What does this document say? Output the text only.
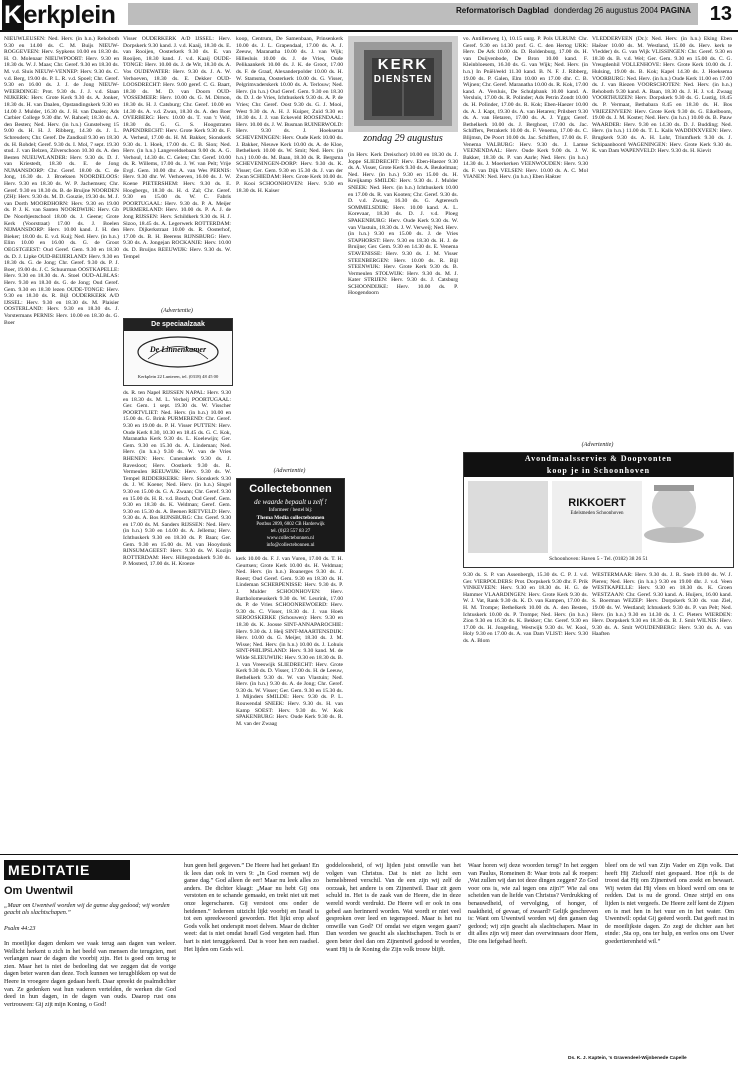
Kerkplein	Reformatorisch Dagblad donderdag 26 augustus 2004 PAGINA 13

NIEUWLEUSEN: Ned. Herv. (in h.n.) Rehoboth 9.30 en 14.00 ds. C. M. Buijs NIEUW-ROGGEVEEN: Herv. Sypkens 10.00 en 18.30 ds. H. O. Molenaar NIEUWPOORT: Herv. 9.30 en 18.30 ds. W. J. Maas; Chr. Geref. 9.30 en 18.30 ds. M. v.d. Sluis NIEUW-VENNEP: Herv. 9.30 ds. C. v.d. Berg, 19.00 ds. P. L. R. v.d. Spoel; Chr. Geref. 9.30 en 16.00 ds. J. J. de Jong NIEUW-WEERDINGE: Prot. 9.30 ds. J. J. v.d. Slaan NIJKERK: Herv. Grote Kerk 9.30 ds. A. Jonker, 18.30 ds. H. van Daalen, Opstandingskerk 9.30 en 14.00 J. Mulder, 16.30 ds. J. H. van Daalen; Ads Carbier College 9.30 dhr. W. Rahoel; 18.30 ds. A. den Besten; Ned. Herv. (in h.n.) Gunstelweg 15 9.00 ds. H. H. J. Ribberg, 14.30 ds. J. L. Schreuders; Chr. Geref. De Zandkuil 9.30 en 18.30 ds. H. Rohdel; Geref. 9.30 ds. I. Mol, 7 sept. 19.30 stud. J. van Belzen, Zilverschoon 10.30 ds. A. den Besten NUEUWLANDER: Herv. 9.30 ds. D. J. van Kriestedt, 18.30 ds. E. de Jong NUMANSDORP: Chr. Geref. 18.00 ds. C. de Jong, 16.30 ds. J. Broeksen NOORDELOOS: Herv. 9.30 en 18.30 ds. W. P. Jachemsen; Chr. Geref. 9.30 en 18.30 ds. B. de Bruijne NOORDEN (ZH): Herv. 9.30 ds. M. D. Gouzie, 19.30 ds. M. J. van Dorth MOORDHORN: Herv. 9.30 en 19.00 ds. P. J. K. van Santen NOORDWIJK: Herv. Gb De Noorbjestschool 18.00 ds. J. Geene; Grote Kerk (Voorstraat) 17.00 ds. J. Boelen NIJMANSDORP: Herv. 10.00 kand. J. H. den Bieker; 18.00 ds. E. v.d. Kuij; Ned. Herv. (in h.n.) Elim 10.00 en 16.00 ds. G. de Groot OEGSTGEEST: Oud Geref. Gem. 9.30 en 18.30 ds. D. J. Lipke OUD-BEIJERLAND: Herv. 9.30 en 18.30 ds. G. de Jong; Chr. Geref. 9.30 ds. P. J. Boer, 19.00 ds. J. C. Schuurman OOSTKAPELLE: Herv. 9.30 en 18.30 ds. A. Stoel OUD-ALBLAS: Herv. 9.30 en 18.30 ds. G. de Jong; Oud Geref. Gem. 9.30 en 18.30 lezen OUDE-TONGE: Herv. 9.30 en 18.30 ds. R. Bijl OUDERKERK A/D IJSSEL: Herv. 9.30 en 18.30 ds. M. Plaisier OOSTERLAND: Herv. 9.30 en 18.30 ds. J. Vorstermans PERNIS: Herv. 10.00 en 18.30 ds. G. Boer

Visser OUDERKERK A/D IJSSEL: Herv. Dorpskerk 9.30 kand. J. v.d. Kaaij, 18.30 ds. E. van Rooijen, Oosterkerk 9.30 ds. E. van Rooijen, 18.30 kand. J. v.d. Kaaij OUDE-TONGE: Herv. 10.00 ds. J. de Wit, 18.30 ds. A. Vos OUDEWATER: Herv. 9.30 ds. J. A. W. Verhoeven, 18.30 ds. E. Dekker OUD-LOOSDRECHT: Herv. 9.00 geref. C. G. Baart, 18.30 ds. M. D. van Doorn OUD-VOSSEMEER: Herv. 10.00 ds. G. M. Dirnon, 18.30 ds. H. J. Catsburg; Chr. Geref. 10.00 en 14.30 ds. A. v.d. Zwan, 18.30 ds. A. den Boer OVERBERG: Herv. 10.00 ds. T. van 't Veld, 18.30 ds. G. G. S. Hoogstraten PAPENDRECHT: Herv. Grote Kerk 9.30 ds. F. A. Verheul, 17.00 ds. H. M. Bakker, Sionskerk 9.30 ds. I. Hoek, 17.00 ds. C. B. Sion; Ned. Herv. (in h.n.) Langeveldsebaan 9.00 ds. A. G. Verhoul, 14.30 ds. C. Gelen; Chr. Geref. 10.00 ds. R. Willems, 17.00 ds. J. W. van Pelt; Vrije Evgl. Gem. 10.00 dhr. A. van Wes PERNIS: Herv. 9.30 dhr. W. Verhoeven, 16.00 ds. J. W. Koene PIETERSHEM: Herv. 9.30 ds. E. Hoogbergs, 18.30 ds. H. d. Zal; Chr. Geref. 9.30 en 15.00 ds. W. C. Fabris POORTUGAAL: Herv. 9.30 ds. P. A. Meijer PURMERLAND: Herv. 10.00 ds. P. A. J. de Jong RIJSSEN: Herv. Schildkerk 9.30 ds. H. J. Sizoo, 18.45 ds. A. Legerwerk ROTTERDAM: Herv. Dijkerkstraat 10.00 ds. R. Oosterhof, 17.00 ds. B. H. Beerens RIJNSBURG: Herv. 9.30 ds. A. Jongejan ROCKANJE: Herv. 10.00 ds. D. Bruijns REEUWIJK: Herv. 9.30 ds. W. Tempel

(Advertentie)
De speciaalzaak
De Linnenkamer
Kerkplein 22 Lunteren, tel. (0318) 48 45 00

ds. R. ten Napel RIJSSEN NAPAL: Herv. 9.30 en 18.30 ds. M. L. Verheij POORTUGAAL: Ger. Gem. 1 sept. 19.30 ds. W. Visscher POORTVLIET: Ned. Herv. (in h.n.) 10.00 en 15.00 ds. G. Brink PURMEREND: Chr. Geref. 9.30 en 19.00 ds. P. H. Visser PUTTEN: Herv. Oude Kerk 8.30, 10.30 en 18.45 ds. G. C. Kok, Maranatha Kerk 9.30 ds. L. Koelewijn; Ger. Gem. 9.30 en 15.30 ds. A. Lindeman; Ned. Herv. (in h.n.) 9.30 ds. W. van de Vries RHENEN: Herv. Cunerakerk 9.30 ds. J. Ravesloot; Herv. Oostkerk 9.30 ds. R. Vermeulen REEUWIJK: Herv. 9.30 ds. W. Tempel RIDDERKERK: Herv. Sionskerk 9.30 ds. J. W. Koene; Ned. Herv. (in h.n.) Singel 9.30 en 15.00 ds. G. A. Zwaan; Chr. Geref. 9.30 en 15.00 ds. H. R. v.d. Bosch, Oud Geref. Gem. 9.30 en 18.30 ds. K. Veldman; Geref. Gem. 9.30 en 15.30 ds. A. Beenen RIETVELD: Herv. 9.30 ds. A. Bos RIJNSBURG: Chr. Geref. 9.30 en 17.00 ds. M. Sanders RIJSSEN: Ned. Herv. (in h.n.) 9.30 en 14.00 ds. A. Jellema; Herv. Ichthuskerk 9.30 en 18.30 ds. P. Baan; Ger. Gem. 9.30 en 15.00 ds. M. van Hooydonk RINSUMAGEEST: Herv. 9.30 ds. W. Kozijn ROTTERDAM: Herv. Hillegondakerk 9.30 ds. P. Mosterd, 17.00 ds. H. Kroeze

koop, Centrum, De Samenbaan, Prinsenkerk 10.00 ds. J. L. Grapendaal, 17.00 ds. A. J. Zeeuw, Maranatha 10.00 ds. J. van Wijk; Hillesluis 10.00 ds. J. de Vries, Oude Pelikaankerk 10.00 ds. J. K. de Groot, 17.00 ds. F. de Graaf, Alexanderpolder 10.00 ds. H. W. Stamsma, Oosterkerk 10.00 ds. G. Visser, Pelgrimvaderskerk 10.00 ds. A. Terlouw; Ned. Herv. (in h.n.) Oud Geref. Gem. 9.30 en 18.30 ds. D. J. de Vries, Ichthuskerk 9.30 ds. A. P. de Vries; Chr. Geref. Oost 9.30 ds. G. J. Mooi, West 9.30 ds. A. H. J. Kuiper, Zuid 9.30 en 18.30 ds. J. J. van Eckeveld ROOSENDAAL: Herv. 10.00 ds. J. W. Busman RUINERWOLD: Herv. 9.30 ds. J. Hoeksema SCHEVENINGEN: Herv. Oude Kerk 10.00 ds. J. Bakker, Nieuwe Kerk 10.00 ds. A. de Kloe, Bethelkerk 10.00 ds. W. Smit; Ned. Herv. (in h.n.) 10.00 ds. M. Baan, 18.30 ds. R. Bergsma SCHEVENINGEN-DORP: Herv. 9.30 ds. K. Visser; Ger. Gem. 9.30 en 15.30 ds. J. van der Zwan SCHIEDAM: Herv. Grote Kerk 10.00 ds. P. Kooi SCHOONHOVEN: Herv. 9.30 en 18.30 ds. H. Kaiser

(Advertentie)
Collectebonnen
de waarde bepaalt u zelf !
Informeer / bestel bij:
Thema Media collectebonnen
Postbus 2899, 6802 CB Harderwijk
tel. (0)23 557 83 27
www.collectebonnen.nl
info@collectebonnen.nl

kerk 10.00 ds. F. J. van Vuren, 17.00 ds. T. H. Geurtsen; Grote Kerk 10.00 ds. H. Veldman; Ned. Herv. (in h.n.) Boanerges 9.30 ds. J. Roest; Oud Geref. Gem. 9.30 en 18.30 ds. H. Lindeman SCHERPENISSE: Herv. 9.30 ds. P. J. Mulder SCHOONHOVEN: Herv. Bartholomeuskerk 9.30 ds. W. Leurink, 17.00 ds. P. de Vries SCHOONREWOERD: Herv. 9.30 ds. C. Visser, 18.30 ds. J. van Hoek SEROOSKERKE (Schouwen): Herv. 9.30 en 18.30 ds. K. Joosse SINT-ANNAPAROCHIE: Herv. 9.30 ds. J. Heij SINT-MAARTENSDIJK: Herv. 10.00 ds. G. Meijer, 18.30 ds. J. M. Wisse; Ned. Herv. (in h.n.) 10.00 ds. J. Lohuis SINT-PHILIPSLAND: Herv. 9.30 kand. M. de Wilde SLEEUWIJK: Herv. 9.30 en 18.30 ds. B. J. van Vreeswijk SLIEDRECHT: Herv. Grote Kerk 9.30 ds. D. Visser, 17.00 ds. H. de Leeuw, Bethelkerk 9.30 ds. W. van Vlastuin; Ned. Herv. (in h.n.) 9.30 ds. A. de Jong; Chr. Geref. 9.30 ds. W. Visser; Ger. Gem. 9.30 en 15.30 ds. J. Mijnders SMILDE: Herv. 9.30 ds. P. L. Rouwendal SNEEK: Herv. 9.30 ds. H. van Kamp SOEST: Herv. 9.30 ds. W. Kok SPAKENBURG: Herv. Oude Kerk 9.30 ds. R. M. van der Zwaag

KERK
DIENSTEN
zondag 29 augustus

(in Herv. Kerk Dreischor) 10.00 en 18.30 ds. J. Joppe SLIEDRECHT: Herv. Eben-Haezer 9.30 ds. A. Visser, Grote Kerk 9.30 ds. A. Beukelman; Ned. Herv. (in h.n.) 9.30 en 15.00 ds. H. Kreijkamp SMILDE: Herv. 9.30 ds. J. Mulder SNEEK: Ned. Herv. (in h.n.) Ichthuskerk 10.00 en 17.00 ds. R. van Kooten; Chr. Geref. 9.30 ds. D. v.d. Zwaag, 16.30 ds. G. Agteresch SOMMELSDIJK: Herv. 10.00 kand. A. L. Korevaar, 18.30 ds. D. J. v.d. Ploeg SPAKENBURG: Herv. Oude Kerk 9.30 ds. W. van Vlastuin, 18.30 ds. J. W. Verweij; Ned. Herv. (in h.n.) 9.30 en 15.00 ds. J. de Vries STAPHORST: Herv. 9.30 en 18.30 ds. H. J. de Bruijne; Ger. Gem. 9.30 en 14.30 ds. E. Venema STAVENISSE: Herv. 9.30 ds. J. M. Visser STEENBERGEN: Herv. 10.00 ds. R. Bijl STEENWIJK: Herv. Grote Kerk 9.30 ds. B. Vermeulen STOLWIJK: Herv. 9.30 ds. M. J. Kater STRIJEN: Herv. 9.30 ds. J. Catsburg SCHOONDIJKE: Herv. 10.00 ds. P. Hoogendoorn

vo. Antillenweg 1), 10.15 uurg. P. Pols ULRUM: Chr. Geref. 9.30 en 14.30 prof. G. C. den Hertog URK: Herv. De Ark 10.00 ds. D. Roldenburg, 17.00 ds. H. van Duijvenbode, De Bron 10.00 kand. F. Kleinbloesem, 16.30 ds. G. van Wijk; Ned. Herv. (in h.n.) In Pniël/eeld 11.30 kand. B. N. F. J. Ribberg, 19.00 ds. P. Galen, Elm 10.00 en 17.00 dhr. C. B. Wijnen; Chr. Geref. Maranatha 10.00 ds. R. Kok, 17.00 kand. A. Versluis, De Schulpbank 10.00 kand. A. Versluis, 17.00 ds. R. Polinder; Ads Petrin Zondt 10.00 ds. H. Polinder, 17.00 ds. R. Kok; Eben-Haezer 10.00 ds. A. J. Kapt, 19.30 ds. A. van Hetaren; Prilsbert 9.30 ds. A. van Hetaren, 17.00 ds. A. J. Ygga; Geref. Bethelkerk 10.00 ds. J. Berghout, 17.00 ds. Jac. Schiffers, Petrakerk 10.00 ds. F. Venema, 17.00 ds. C. Blijmsn, De Poort 10.00 ds. Jac. Schiffers, 17.00 ds. F. Venema VALBURG: Herv. 9.30 ds. J. Lamse VEENENDAAL: Herv. Oude Kerk 9.00 ds. J. W. Bakker, 18.30 ds. P. van Aarle; Ned. Herv. (in h.n.) 14.30 ds. J. Moerkerken VEENWOUDEN: Herv. 9.30 ds. F. van Dijk VELSEN: Herv. 10.00 ds. A. C. Mol VIANEN: Ned. Herv. (in h.n.) Eben Haëzer

VLEDDERVEEN (Dr.): Ned. Herv. (in h.n.) Eking Eben Haëzer 10.00 ds. M. Westland, 15.00 ds. Herv. kerk te Vledder) ds. G. van Wijk VLISSINGEN: Chr. Geref. 9.30 en 18.30 ds. B. v.d. Wel; Ger. Gem. 9.30 en 15.00 ds. C. G. Vreugdenhil VOLLENHOVE: Herv. Grote Kerk 10.00 ds. J. Hulsing, 19.00 ds. B. Kok; Kapel 14.30 ds. J. Hoeksema VOORBURG: Ned. Herv. (in h.n.) Oude Kerk 11.00 en 17.00 ds. J. van Riezen VOORSCHOTEN: Ned. Herv. (in h.n.) Rehoboth 9.30 kand. A. Baan, 18.30 ds. J. H. J. v.d. Zwaag VOORTHUIZEN: Herv. Dorpskerk 9.30 ds. G. Lustig, 18.45 ds. P. Vermaat, Bethabara 8.45 en 18.30 ds. H. Bos VRIEZENVEEN: Herv. Grote Kerk 9.30 ds. G. Eikelboom, 19.00 ds. J. M. Koster; Ned. Herv. (in h.n.) 10.00 ds. B. Pauw WAARDER: Herv. 9.30 en 14.30 ds. D. J. Budding; Ned. Herv. (in h.n.) 11.00 ds. T. L. Kalis WADDINXVEEN: Herv. Brugkerk 9.30 ds. A. H. Lohr, Triumfkerk 9.30 ds. J. Schipaanboord WAGENINGEN: Herv. Grote Kerk 9.30 ds. K. van Dam WAPENVELD: Herv. 9.30 ds. H. Kievit

(Advertentie)
Avondmaalsservies & Doopvonten
koop je in Schoonhoven
RIKKOERT
Edelsmeden Schoonhoven
Schoonhoven: Haven 5 - Tel. (0182) 38 26 51

9.30 ds. S. P. van Assenbergh, 15.30 ds. C. P. J. v.d. Ger. VIERPOLDERS: Prot. Dorpskerk 9.30 dhr. F. Prik VINKEVEEN: Herv. 9.30 en 18.30 ds. H. G. de Hammer VLAARDINGEN: Herv. Grote Kerk 9.30 ds. W. J. Vat, Rank 9.30 ds. K. D. van Kampen, 17.00 ds. H. M. Trompe; Bethelkerk 10.00 ds. A. den Besten, Ichtuskerk 10.00 ds. P. Trompe; Ned. Herv. (in h.n.) Zion 9.30 en 16.30 ds. K. Bekker; Chr. Geref. 9.30 en 17.00 ds. H. Jongeling, Westwijk 9.30 ds. W. Kooi, Holy 9.30 en 17.00 ds. A. van Dam VLIST: Herv. 9.30 ds. A. Blom

WESTERMAAR: Herv. 9.30 ds. J. R. Sneb 19.00 ds. W. J. Pieren; Ned. Herv. (in h.n.) 9.30 en 19.00 dhr. J. v.d. Veen WESTKAPELLE: Herv. 9.30 en 18.30 ds. K. Groen WESTZAAN: Chr. Geref. 9.30 kand. A. Huijers, 16.00 kand. S. Boerman WEZEP: Herv. Dorpskerk 9.30 ds. van Ziel, 19.00 ds. W. Westland; Ichtuskerk 9.30 ds. P. van Pelt; Ned. Herv. (in h.n.) 9.30 en 14.30 ds. J. C. Pieters WIERDEN: Herv. Dorpskerk 9.30 en 18.30 ds. B. J. Smit WILNIS: Herv. 9.30 ds. A. Smit WOUDENBERG: Herv. 9.30 ds. A. van Haaften

MEDITATIE
Om Uwentwil
„Maar om Uwentwil worden wij de ganse dag gedood; wij worden geacht als slachtschapen.”
Psalm 44:23
In moeilijke dagen denken we vaak terug aan dagen van weleer. Wellicht herkent u zich in het beeld van mensen die terugzien, met verlangen naar de dagen die voorbij zijn. Het is goed om terug te zien. Maar het is niet de bedoeling dat we zeggen dat de vorige dagen beter waren dan deze. Toch kunnen we terugblikken op wat de Heere in vroegere dagen gedaan heeft. Daar spreekt de psalmdichter van. Ze gedenken wat hun vaderen vertelden, de werken die God deed in hun dagen, in de dagen van ouds. Daarop rust ons vertrouwen: Gij zijt mijn Koning, o God!
hun geen heil gegeven.” De Heere had het gedaan! En ik lees dan ook in vers 9: „In God roemen wij de ganse dag.” God alleen de eer! Maar nu leek alles zo anders. De dichter klaagt: „Maar nu hebt Gij ons verstoten en te schande gemaakt, en trekt niet uit met onze legerscharen. Gij verstoot ons onder de heidenen.” Iedereen uitzicht lijkt voorbij en Israël is tot een spreekwoord geworden. Het lijkt erop alsof Gods volk het onderspit moet delven. Maar de dichter weet: dat is niet omdat Israël God vergeten had. Hun hart is niet teruggekeerd. Dat is voor hen een raadsel. Het lijden om Gods wil.
goddeloosheid, of wij lijden juist omwille van het volgen van Christus. Dat is niet zo licht een hemelsbreed verschil. Van de een zijn wij zelf de oorzaak, het andere is om Zijnentwil. Daar zit geen schuld in. Het is de zaak van de Heere, die in deze wereld wordt verdrukt. De Heere wil er ook in ons gebed aan herinnerd worden. Wat wordt er niet veel gesproken over leed en tegenspoed. Maar is het nu omwille van God? Of omdat we eigen wegen gaan? Dan worden we geacht als slachtschapen. Toch is er geen beter deel dan om Zijnentwil gedood te worden, want Hij is de Koning die Zijn volk trouw blijft.
Waar horen wij deze woorden terug? In het zeggen van Paulus, Romeinen 8: Waar trots zal ik roepen: ,Wat zullen wij dan tot deze dingen zeggen? Zo God voor ons is, wie zal tegen ons zijn?” Wie zal ons scheiden van de liefde van Christus? Verdrukking of benauwdheid, of vervolging, of honger, of naaktheid, of gevaar, of zwaard? Gelijk geschreven is: Want om Uwentwil worden wij den gansen dag gedood; wij zijn geacht als slachtschapen. Maar in dit alles zijn wij meer dan overwinnaars door Hem, Die ons liefgehad heeft.
bleef om de wil van Zijn Vader en Zijn volk. Dat heeft Hij Zichzelf niet gespaard. Hoe rijk is de troost dat Hij om Zijnentwil ons zoekt en bewaart. Wij weten dat Hij vlees en bloed werd om ons te redden. Dat is nu de grond. Onze strijd en ons lijden is niet vergeefs. De Heere zelf kent de Zijnen en is met hen in het vuur en in het water. Om Uwentwil: opdat Gij geëerd wordt. Dat geeft rust in de moeilijkste dagen. Zo zegt de dichter aan het einde: ,Sta op, ons ter hulp, en verlos ons om Uwer goedertierenheid wil.”
Ds. K. J. Kaptein, 's Gravendeel-Wijnbenede Capelle
